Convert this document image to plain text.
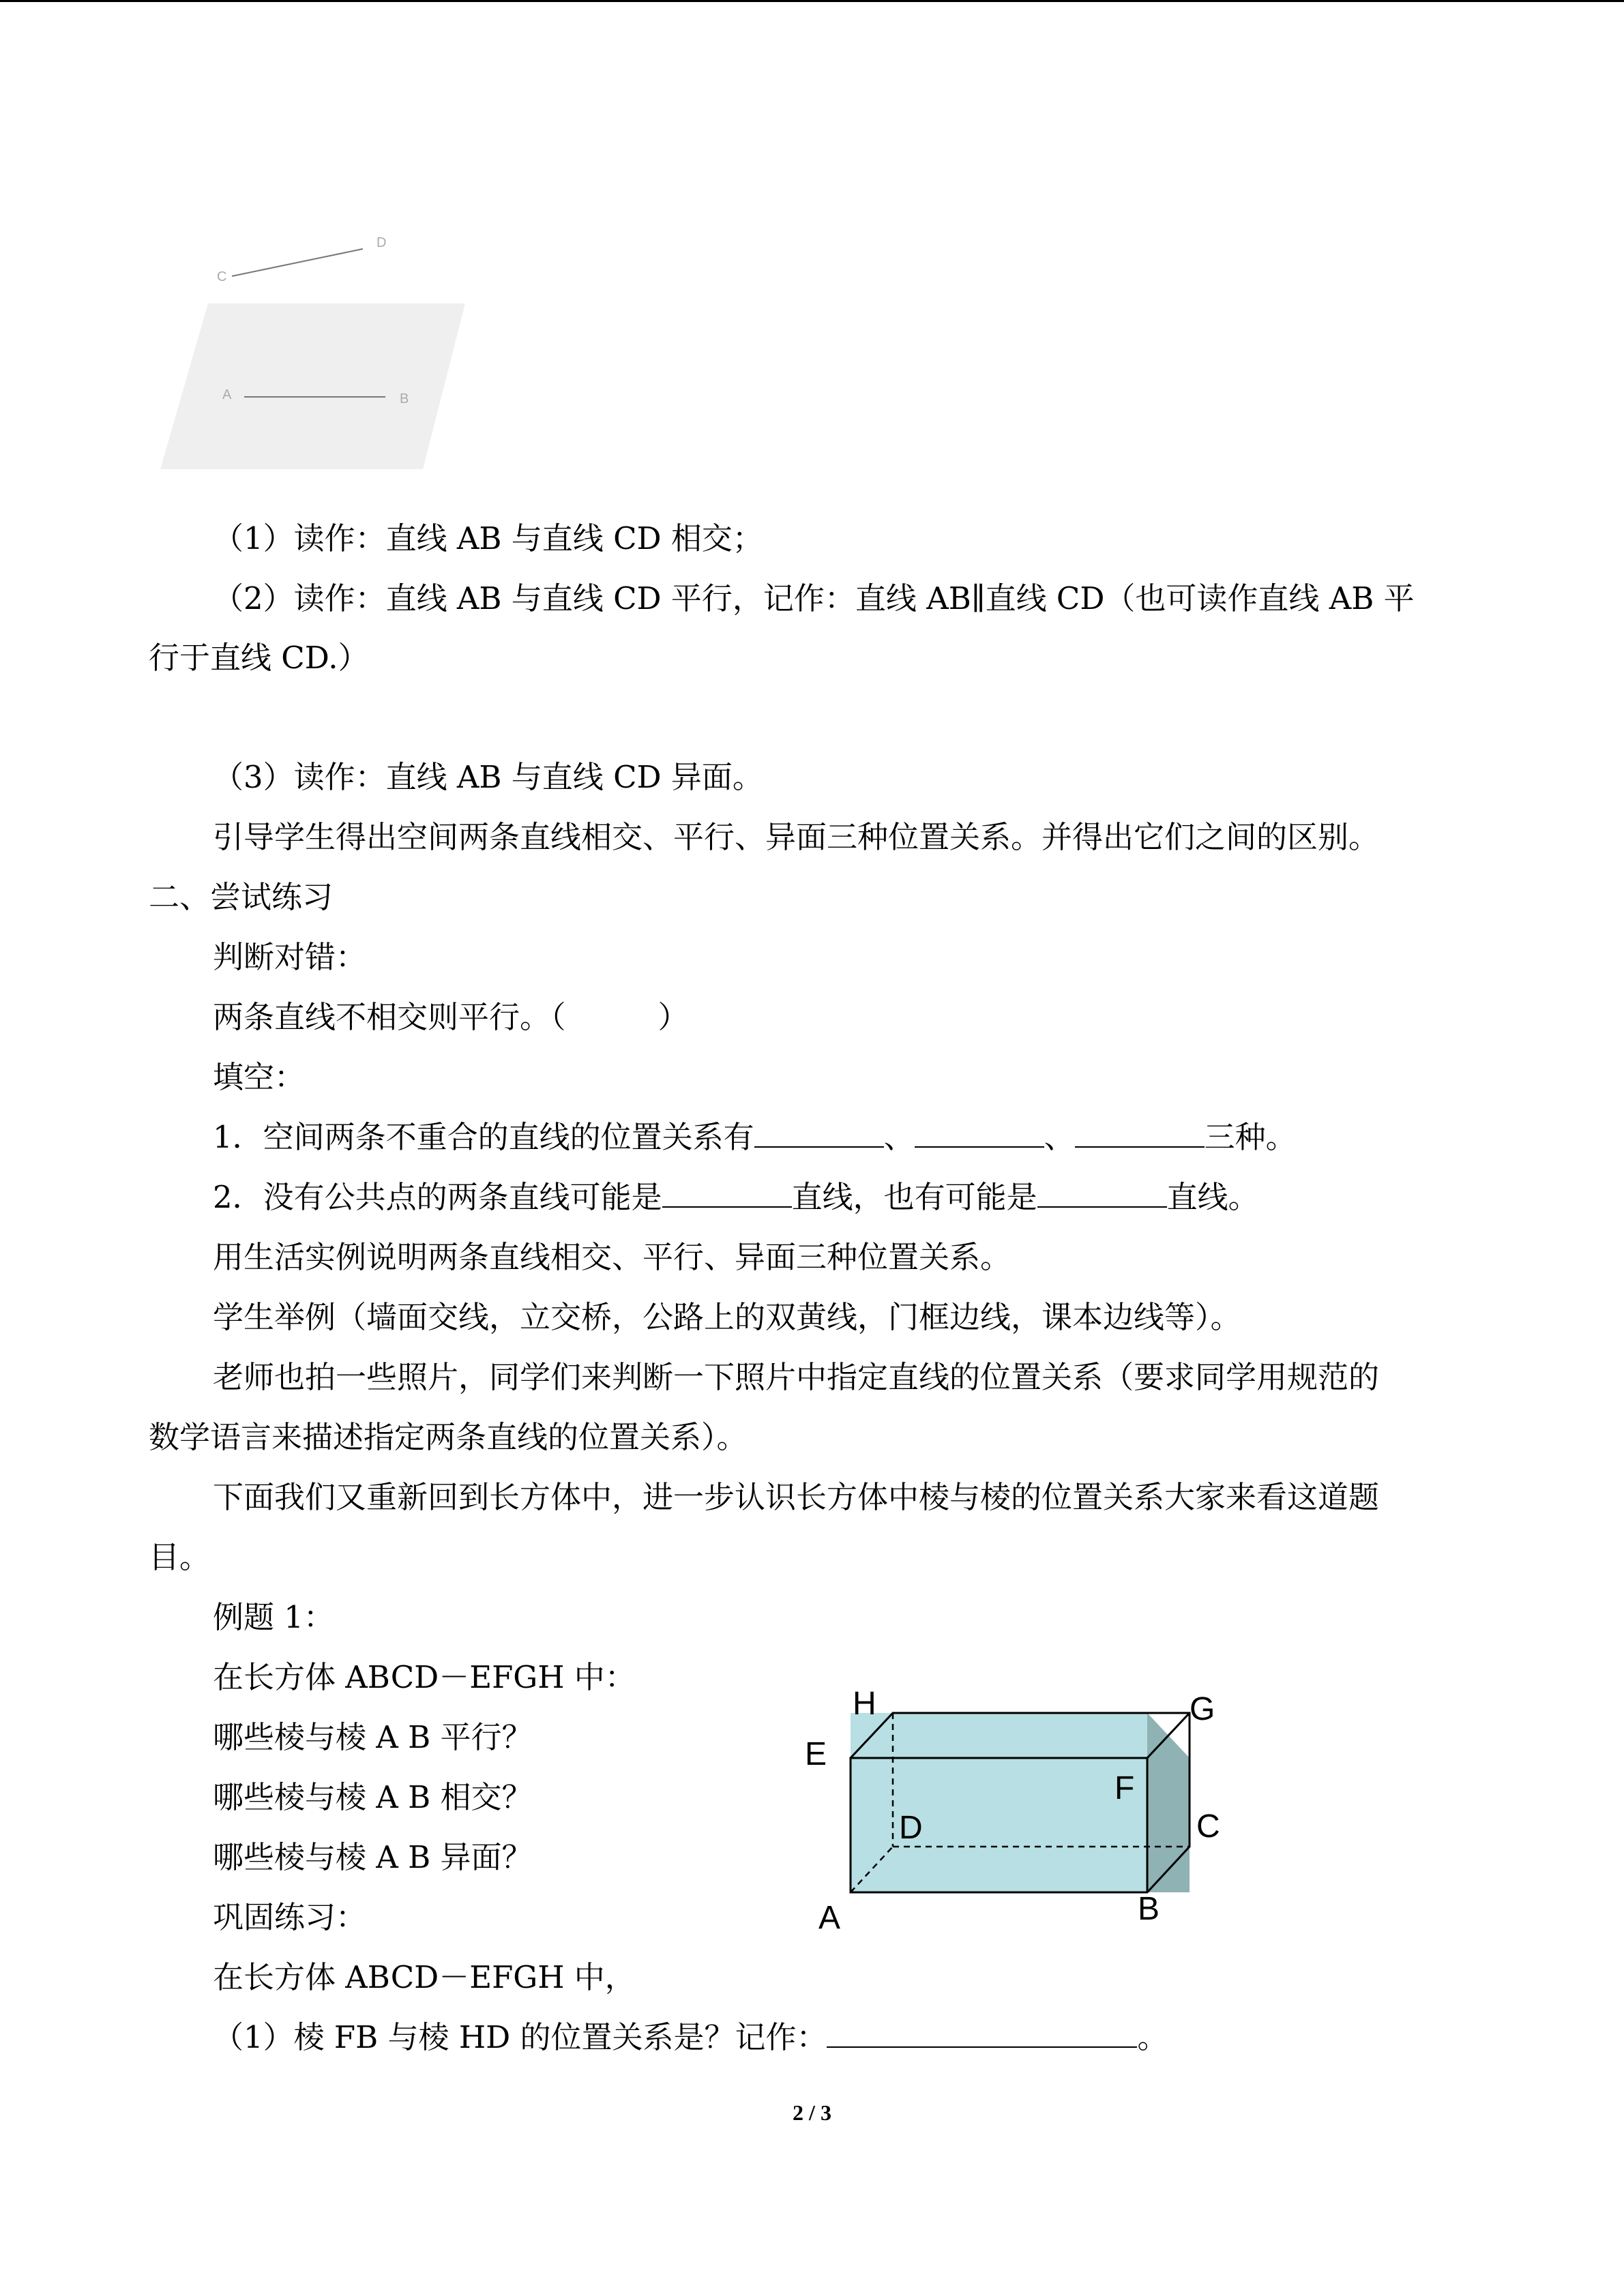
C
D
A	B
（1）读作：直线 AB 与直线 CD 相交；
（2）读作：直线 AB 与直线 CD 平行，记作：直线 AB∥直线 CD（也可读作直线 AB 平
行于直线 CD.）
（3）读作：直线 AB 与直线 CD 异面。
引导学生得出空间两条直线相交、平行、异面三种位置关系。并得出它们之间的区别。
二、尝试练习
判断对错：
两条直线不相交则平行。（　　　）
填空：
1．空间两条不重合的直线的位置关系有	、	、	三种。
2．没有公共点的两条直线可能是	直线，也有可能是	直线。
用生活实例说明两条直线相交、平行、异面三种位置关系。
学生举例（墙面交线，立交桥，公路上的双黄线，门框边线，课本边线等）。
老师也拍一些照片，同学们来判断一下照片中指定直线的位置关系（要求同学用规范的
数学语言来描述指定两条直线的位置关系）。
下面我们又重新回到长方体中，进一步认识长方体中棱与棱的位置关系大家来看这道题
目。
例题 1：
在长方体 ABCD－EFGH 中：
哪些棱与棱 A B 平行？
哪些棱与棱 A B 相交？
哪些棱与棱 A B 异面？
巩固练习：
在长方体 ABCD－EFGH 中，
（1）棱 FB 与棱 HD 的位置关系是？记作：	。
H	G
E
F
D	C
A	B
2 / 3
